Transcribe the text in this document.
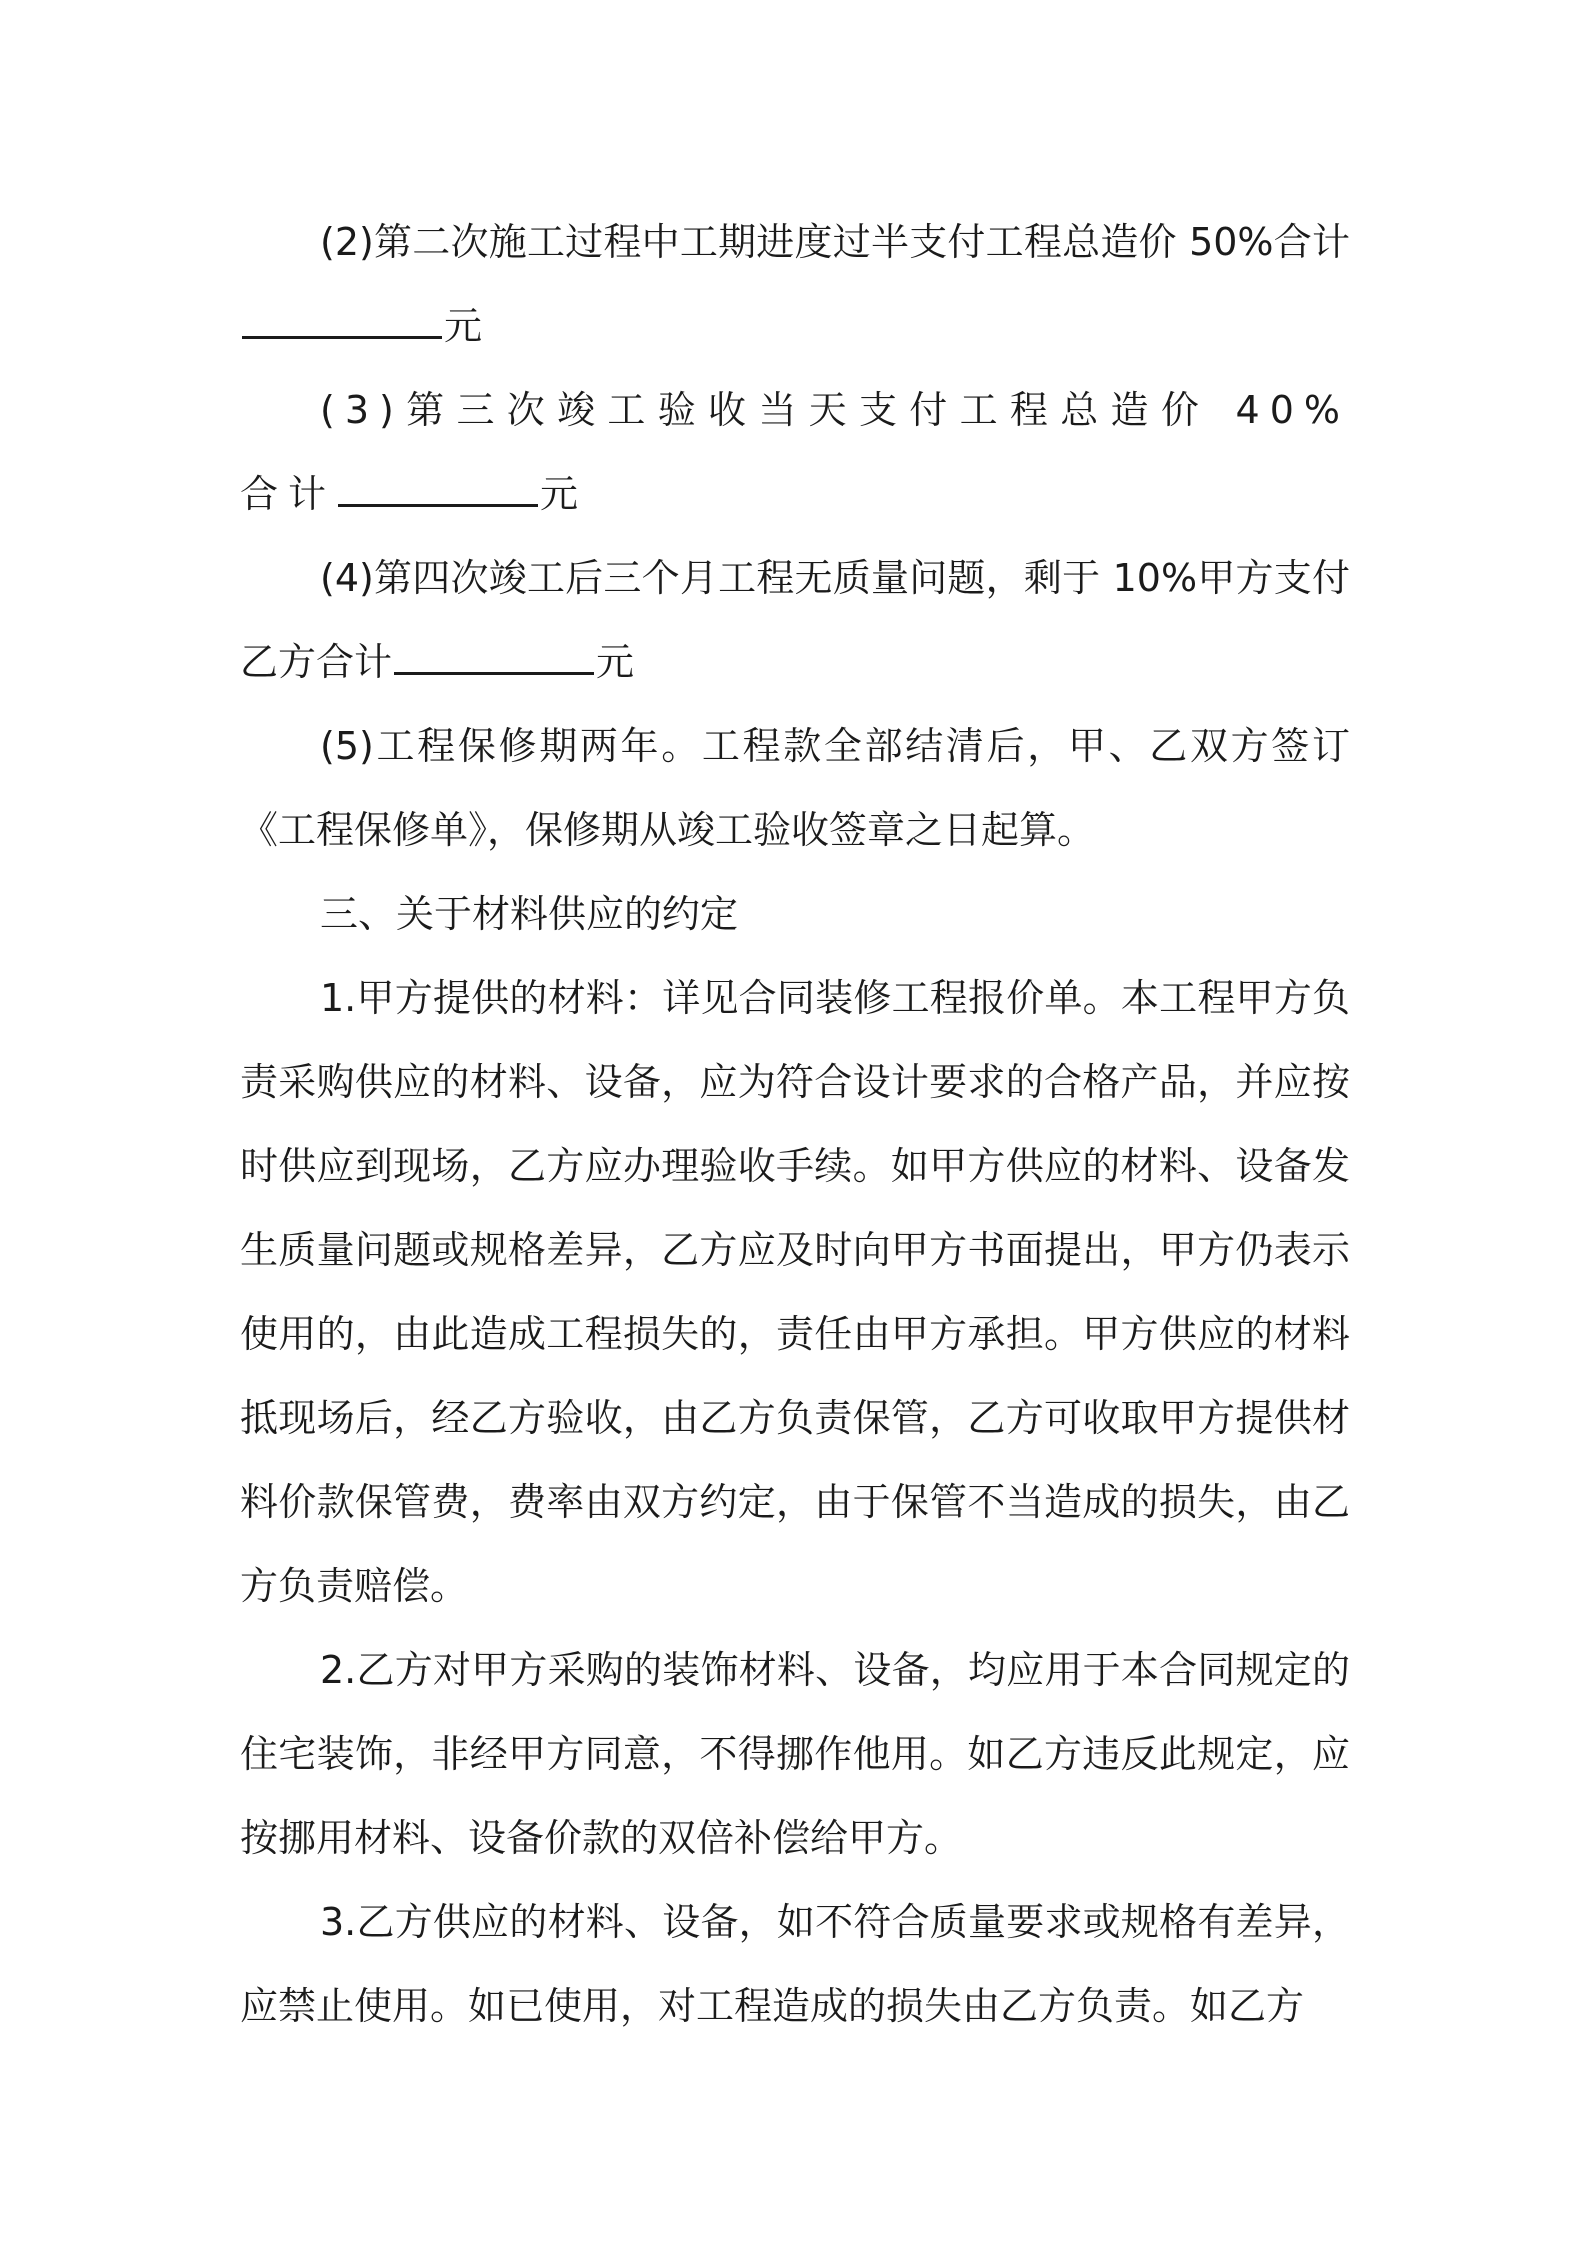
(2)第二次施工过程中工期进度过半支付工程总造价 50%合计元

(3)第三次竣工验收当天支付工程总造价 40%合计	元

(4)第四次竣工后三个月工程无质量问题，剩于 10%甲方支付乙方合计	元

(5)工程保修期两年。工程款全部结清后，甲、乙双方签订《工程保修单》，保修期从竣工验收签章之日起算。

三、关于材料供应的约定

1.甲方提供的材料：详见合同装修工程报价单。本工程甲方负责采购供应的材料、设备，应为符合设计要求的合格产品，并应按时供应到现场，乙方应办理验收手续。如甲方供应的材料、设备发生质量问题或规格差异，乙方应及时向甲方书面提出，甲方仍表示使用的，由此造成工程损失的，责任由甲方承担。甲方供应的材料抵现场后，经乙方验收，由乙方负责保管，乙方可收取甲方提供材料价款保管费，费率由双方约定，由于保管不当造成的损失，由乙方负责赔偿。

2.乙方对甲方采购的装饰材料、设备，均应用于本合同规定的住宅装饰，非经甲方同意，不得挪作他用。如乙方违反此规定，应按挪用材料、设备价款的双倍补偿给甲方。

3.乙方供应的材料、设备，如不符合质量要求或规格有差异，应禁止使用。如已使用，对工程造成的损失由乙方负责。如乙方
